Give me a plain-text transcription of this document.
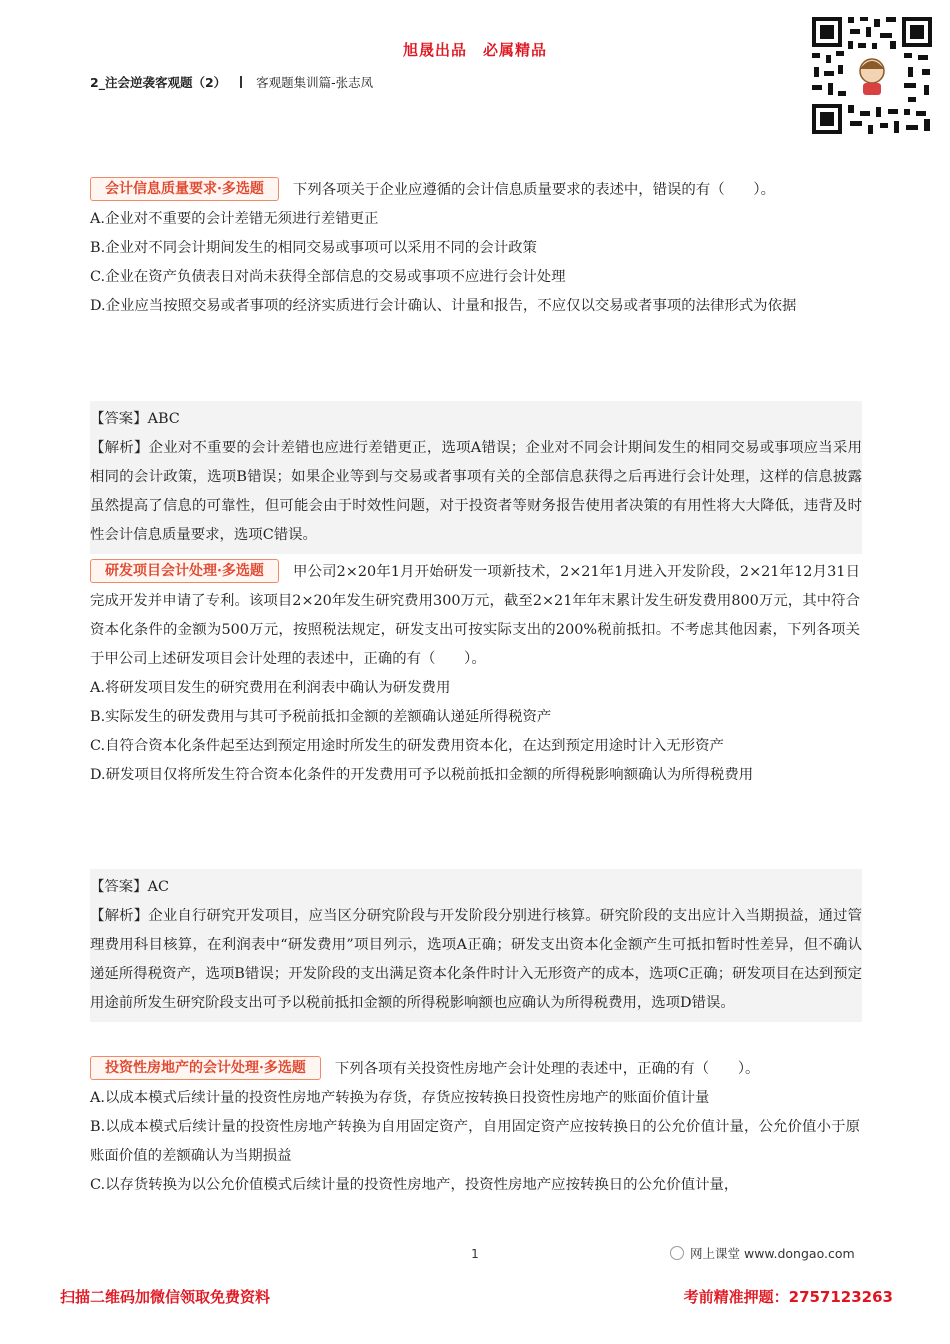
旭晟出品　必属精品
2_注会逆袭客观题（2） 客观题集训篇-张志凤

会计信息质量要求·多选题 下列各项关于企业应遵循的会计信息质量要求的表述中，错误的有（　　）。

A.企业对不重要的会计差错无须进行差错更正

B.企业对不同会计期间发生的相同交易或事项可以采用不同的会计政策

C.企业在资产负债表日对尚未获得全部信息的交易或事项不应进行会计处理

D.企业应当按照交易或者事项的经济实质进行会计确认、计量和报告，不应仅以交易或者事项的法律形式为依据

【答案】ABC

【解析】企业对不重要的会计差错也应进行差错更正，选项A错误；企业对不同会计期间发生的相同交易或事项应当采用相同的会计政策，选项B错误；如果企业等到与交易或者事项有关的全部信息获得之后再进行会计处理，这样的信息披露虽然提高了信息的可靠性，但可能会由于时效性问题，对于投资者等财务报告使用者决策的有用性将大大降低，违背及时性会计信息质量要求，选项C错误。

研发项目会计处理·多选题 甲公司2×20年1月开始研发一项新技术，2×21年1月进入开发阶段，2×21年12月31日完成开发并申请了专利。该项目2×20年发生研究费用300万元，截至2×21年年末累计发生研发费用800万元，其中符合资本化条件的金额为500万元，按照税法规定，研发支出可按实际支出的200%税前抵扣。不考虑其他因素，下列各项关于甲公司上述研发项目会计处理的表述中，正确的有（　　）。

A.将研发项目发生的研究费用在利润表中确认为研发费用

B.实际发生的研发费用与其可予税前抵扣金额的差额确认递延所得税资产

C.自符合资本化条件起至达到预定用途时所发生的研发费用资本化，在达到预定用途时计入无形资产

D.研发项目仅将所发生符合资本化条件的开发费用可予以税前抵扣金额的所得税影响额确认为所得税费用

【答案】AC

【解析】企业自行研究开发项目，应当区分研究阶段与开发阶段分别进行核算。研究阶段的支出应计入当期损益，通过管理费用科目核算，在利润表中“研发费用”项目列示，选项A正确；研发支出资本化金额产生可抵扣暂时性差异，但不确认递延所得税资产，选项B错误；开发阶段的支出满足资本化条件时计入无形资产的成本，选项C正确；研发项目在达到预定用途前所发生研究阶段支出可予以税前抵扣金额的所得税影响额也应确认为所得税费用，选项D错误。

投资性房地产的会计处理·多选题 下列各项有关投资性房地产会计处理的表述中，正确的有（　　）。

A.以成本模式后续计量的投资性房地产转换为存货，存货应按转换日投资性房地产的账面价值计量

B.以成本模式后续计量的投资性房地产转换为自用固定资产，自用固定资产应按转换日的公允价值计量，公允价值小于原账面价值的差额确认为当期损益

C.以存货转换为以公允价值模式后续计量的投资性房地产，投资性房地产应按转换日的公允价值计量，

1	网上课堂 www.dongao.com
扫描二维码加微信领取免费资料	考前精准押题：2757123263
